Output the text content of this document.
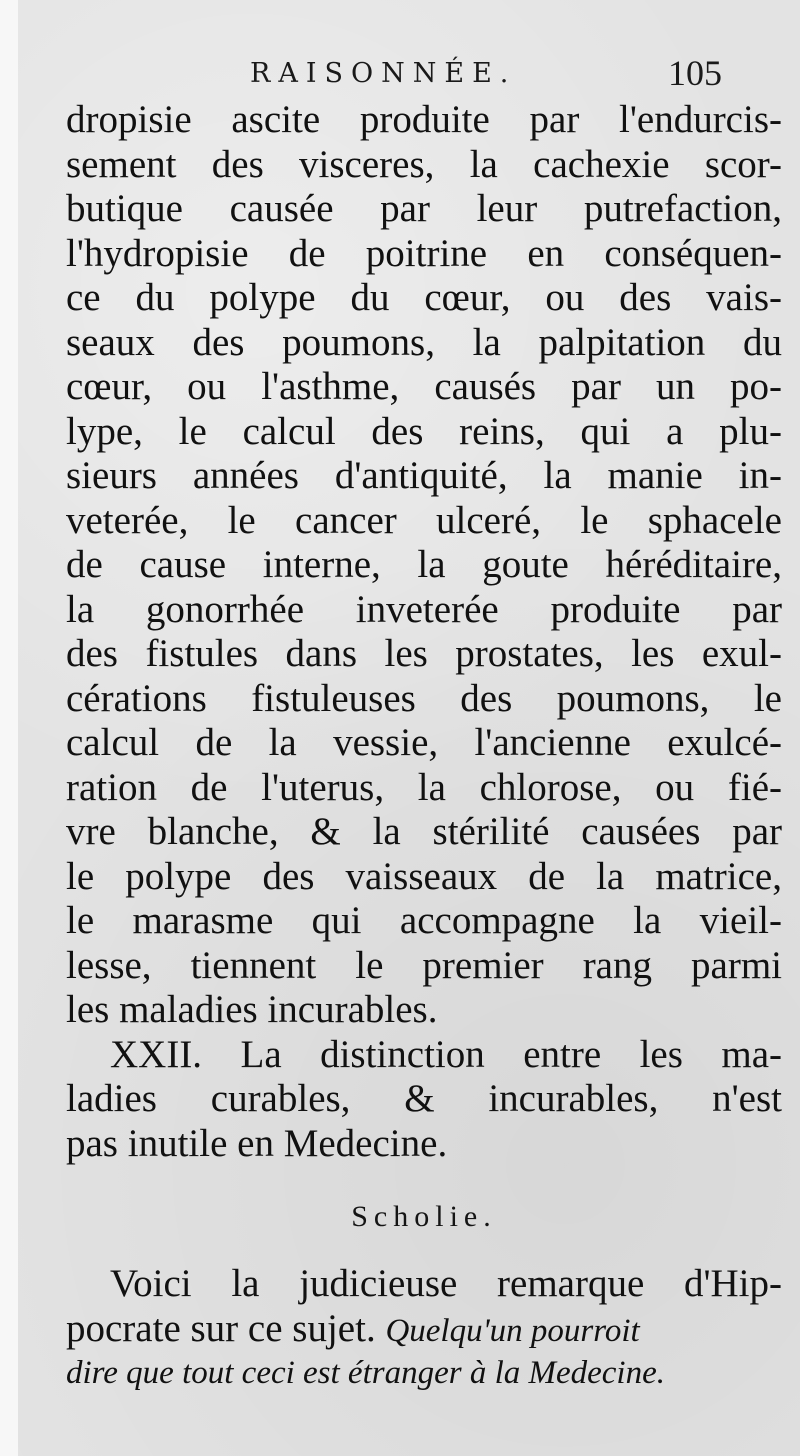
RAISONNÉE.	105
dropisie ascite produite par l'endurcis-
sement des visceres, la cachexie scor-
butique causée par leur putrefaction,
l'hydropisie de poitrine en conséquen-
ce du polype du cœur, ou des vais-
seaux des poumons, la palpitation du
cœur, ou l'asthme, causés par un po-
lype, le calcul des reins, qui a plu-
sieurs années d'antiquité, la manie in-
veterée, le cancer ulceré, le sphacele
de cause interne, la goute héréditaire,
la gonorrhée inveterée produite par
des fistules dans les prostates, les exul-
cérations fistuleuses des poumons, le
calcul de la vessie, l'ancienne exulcé-
ration de l'uterus, la chlorose, ou fié-
vre blanche, & la stérilité causées par
le polype des vaisseaux de la matrice,
le marasme qui accompagne la vieil-
lesse, tiennent le premier rang parmi
les maladies incurables.
XXII. La distinction entre les ma-
ladies curables, & incurables, n'est
pas inutile en Medecine.
Scholie.
Voici la judicieuse remarque d'Hip-
pocrate sur ce sujet. Quelqu'un pourroit
dire que tout ceci est étranger à la Medecine.
